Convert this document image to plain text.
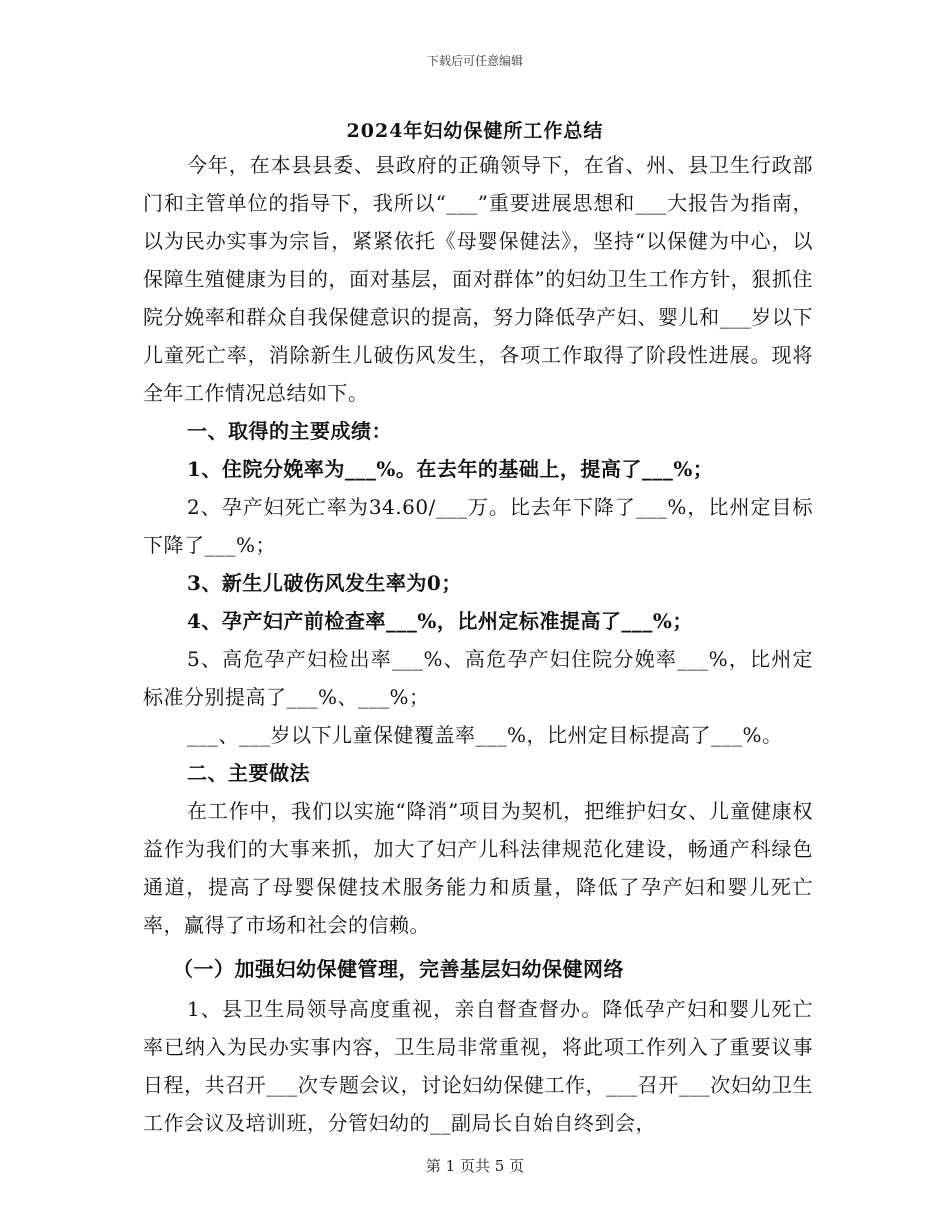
下载后可任意编辑
2024年妇幼保健所工作总结

今年，在本县县委、县政府的正确领导下，在省、州、县卫生行政部门和主管单位的指导下，我所以“___”重要进展思想和___大报告为指南，以为民办实事为宗旨，紧紧依托《母婴保健法》，坚持“以保健为中心，以保障生殖健康为目的，面对基层，面对群体”的妇幼卫生工作方针，狠抓住院分娩率和群众自我保健意识的提高，努力降低孕产妇、婴儿和___岁以下儿童死亡率，消除新生儿破伤风发生，各项工作取得了阶段性进展。现将全年工作情况总结如下。

一、取得的主要成绩：

1、住院分娩率为___%。在去年的基础上，提高了___%；

2、孕产妇死亡率为34.60/___万。比去年下降了___%，比州定目标下降了___%；

3、新生儿破伤风发生率为0；

4、孕产妇产前检查率___%，比州定标准提高了___%；

5、高危孕产妇检出率___%、高危孕产妇住院分娩率___%，比州定标准分别提高了___%、___%；

___、___岁以下儿童保健覆盖率___%，比州定目标提高了___%。

二、主要做法

在工作中，我们以实施“降消”项目为契机，把维护妇女、儿童健康权益作为我们的大事来抓，加大了妇产儿科法律规范化建设，畅通产科绿色通道，提高了母婴保健技术服务能力和质量，降低了孕产妇和婴儿死亡率，赢得了市场和社会的信赖。

（一）加强妇幼保健管理，完善基层妇幼保健网络

1、县卫生局领导高度重视，亲自督查督办。降低孕产妇和婴儿死亡率已纳入为民办实事内容，卫生局非常重视，将此项工作列入了重要议事日程，共召开___次专题会议，讨论妇幼保健工作，___召开___次妇幼卫生工作会议及培训班，分管妇幼的__副局长自始自终到会，

第 1 页共 5 页
